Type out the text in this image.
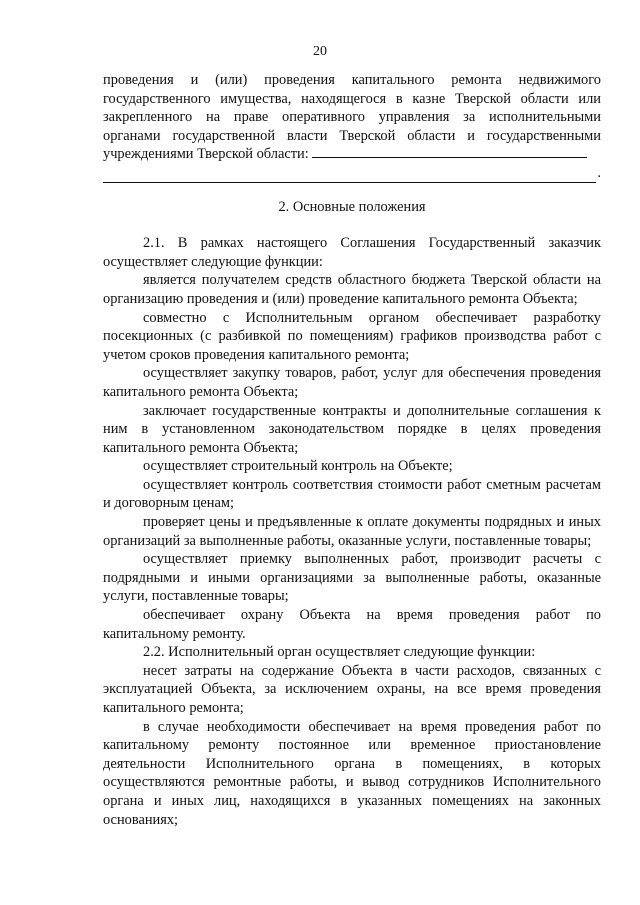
20

проведения и (или) проведения капитального ремонта недвижимого государственного имущества, находящегося в казне Тверской области или закрепленного на праве оперативного управления за исполнительными органами государственной власти Тверской области и государственными учреждениями Тверской области:

.

2. Основные положения

2.1. В рамках настоящего Соглашения Государственный заказчик осуществляет следующие функции:

является получателем средств областного бюджета Тверской области на организацию проведения и (или) проведение капитального ремонта Объекта;

совместно с Исполнительным органом обеспечивает разработку посекционных (с разбивкой по помещениям) графиков производства работ с учетом сроков проведения капитального ремонта;

осуществляет закупку товаров, работ, услуг для обеспечения проведения капитального ремонта Объекта;

заключает государственные контракты и дополнительные соглашения к ним в установленном законодательством порядке в целях проведения капитального ремонта Объекта;

осуществляет строительный контроль на Объекте;

осуществляет контроль соответствия стоимости работ сметным расчетам и договорным ценам;

проверяет цены и предъявленные к оплате документы подрядных и иных организаций за выполненные работы, оказанные услуги, поставленные товары;

осуществляет приемку выполненных работ, производит расчеты с подрядными и иными организациями за выполненные работы, оказанные услуги, поставленные товары;

обеспечивает охрану Объекта на время проведения работ по капитальному ремонту.

2.2. Исполнительный орган осуществляет следующие функции:

несет затраты на содержание Объекта в части расходов, связанных с эксплуатацией Объекта, за исключением охраны, на все время проведения капитального ремонта;

в случае необходимости обеспечивает на время проведения работ по капитальному ремонту постоянное или временное приостановление деятельности Исполнительного органа в помещениях, в которых осуществляются ремонтные работы, и вывод сотрудников Исполнительного органа и иных лиц, находящихся в указанных помещениях на законных основаниях;
